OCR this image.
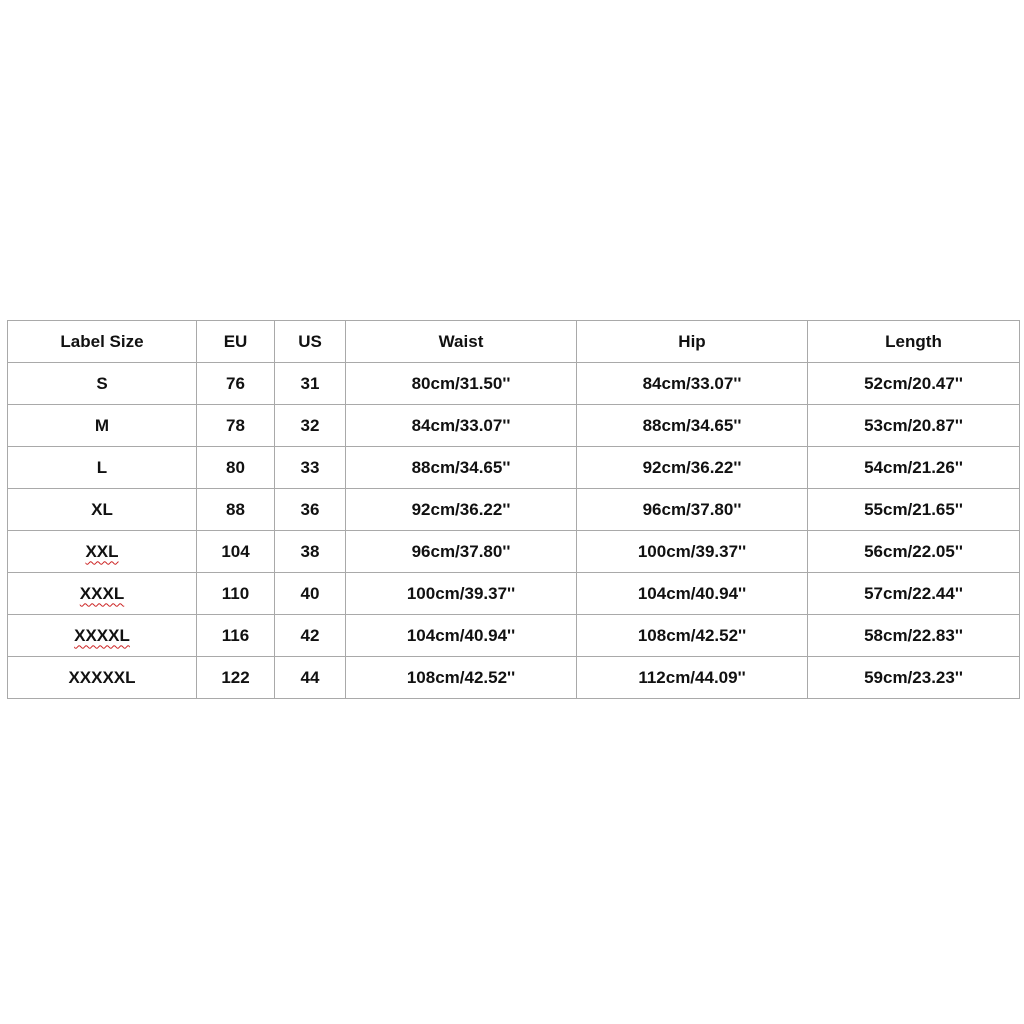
Label Size	EU	US	Waist	Hip	Length
S	76	31	80cm/31.50''	84cm/33.07''	52cm/20.47''
M	78	32	84cm/33.07''	88cm/34.65''	53cm/20.87''
L	80	33	88cm/34.65''	92cm/36.22''	54cm/21.26''
XL	88	36	92cm/36.22''	96cm/37.80''	55cm/21.65''
XXL	104	38	96cm/37.80''	100cm/39.37''	56cm/22.05''
XXXL	110	40	100cm/39.37''	104cm/40.94''	57cm/22.44''
XXXXL	116	42	104cm/40.94''	108cm/42.52''	58cm/22.83''
XXXXXL	122	44	108cm/42.52''	112cm/44.09''	59cm/23.23''
